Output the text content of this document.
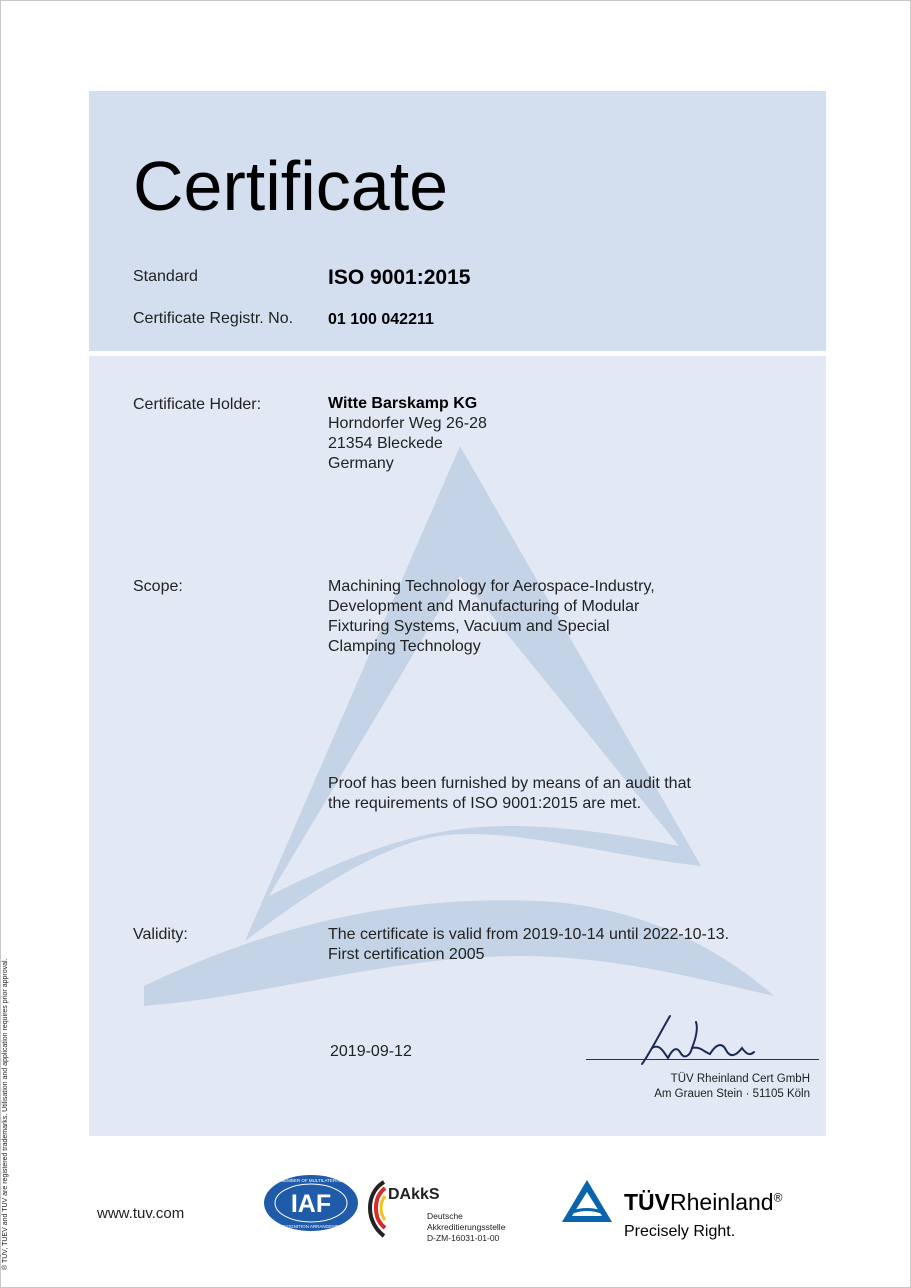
Certificate
Standard	ISO 9001:2015
Certificate Registr. No. 01 100 042211
Certificate Holder:	Witte Barskamp KG
Horndorfer Weg 26-28
21354 Bleckede
Germany
Scope:	Machining Technology for Aerospace-Industry,
Development and Manufacturing of Modular
Fixturing Systems, Vacuum and Special
Clamping Technology
Proof has been furnished by means of an audit that
the requirements of ISO 9001:2015 are met.
Validity:	The certificate is valid from 2019-10-14 until 2022-10-13.
First certification 2005
2019-09-12
TÜV Rheinland Cert GmbH
Am Grauen Stein · 51105 Köln
® TÜV, TUEV and TUV are registered trademarks. Utilisation and application requires prior approval.	www.tuv.com	IAF
MEMBER OF MULTILATERAL
RECOGNITION ARRANGEMENT
DAkkS
Deutsche
Akkreditierungsstelle
D-ZM-16031-01-00
TÜVRheinland®
Precisely Right.
